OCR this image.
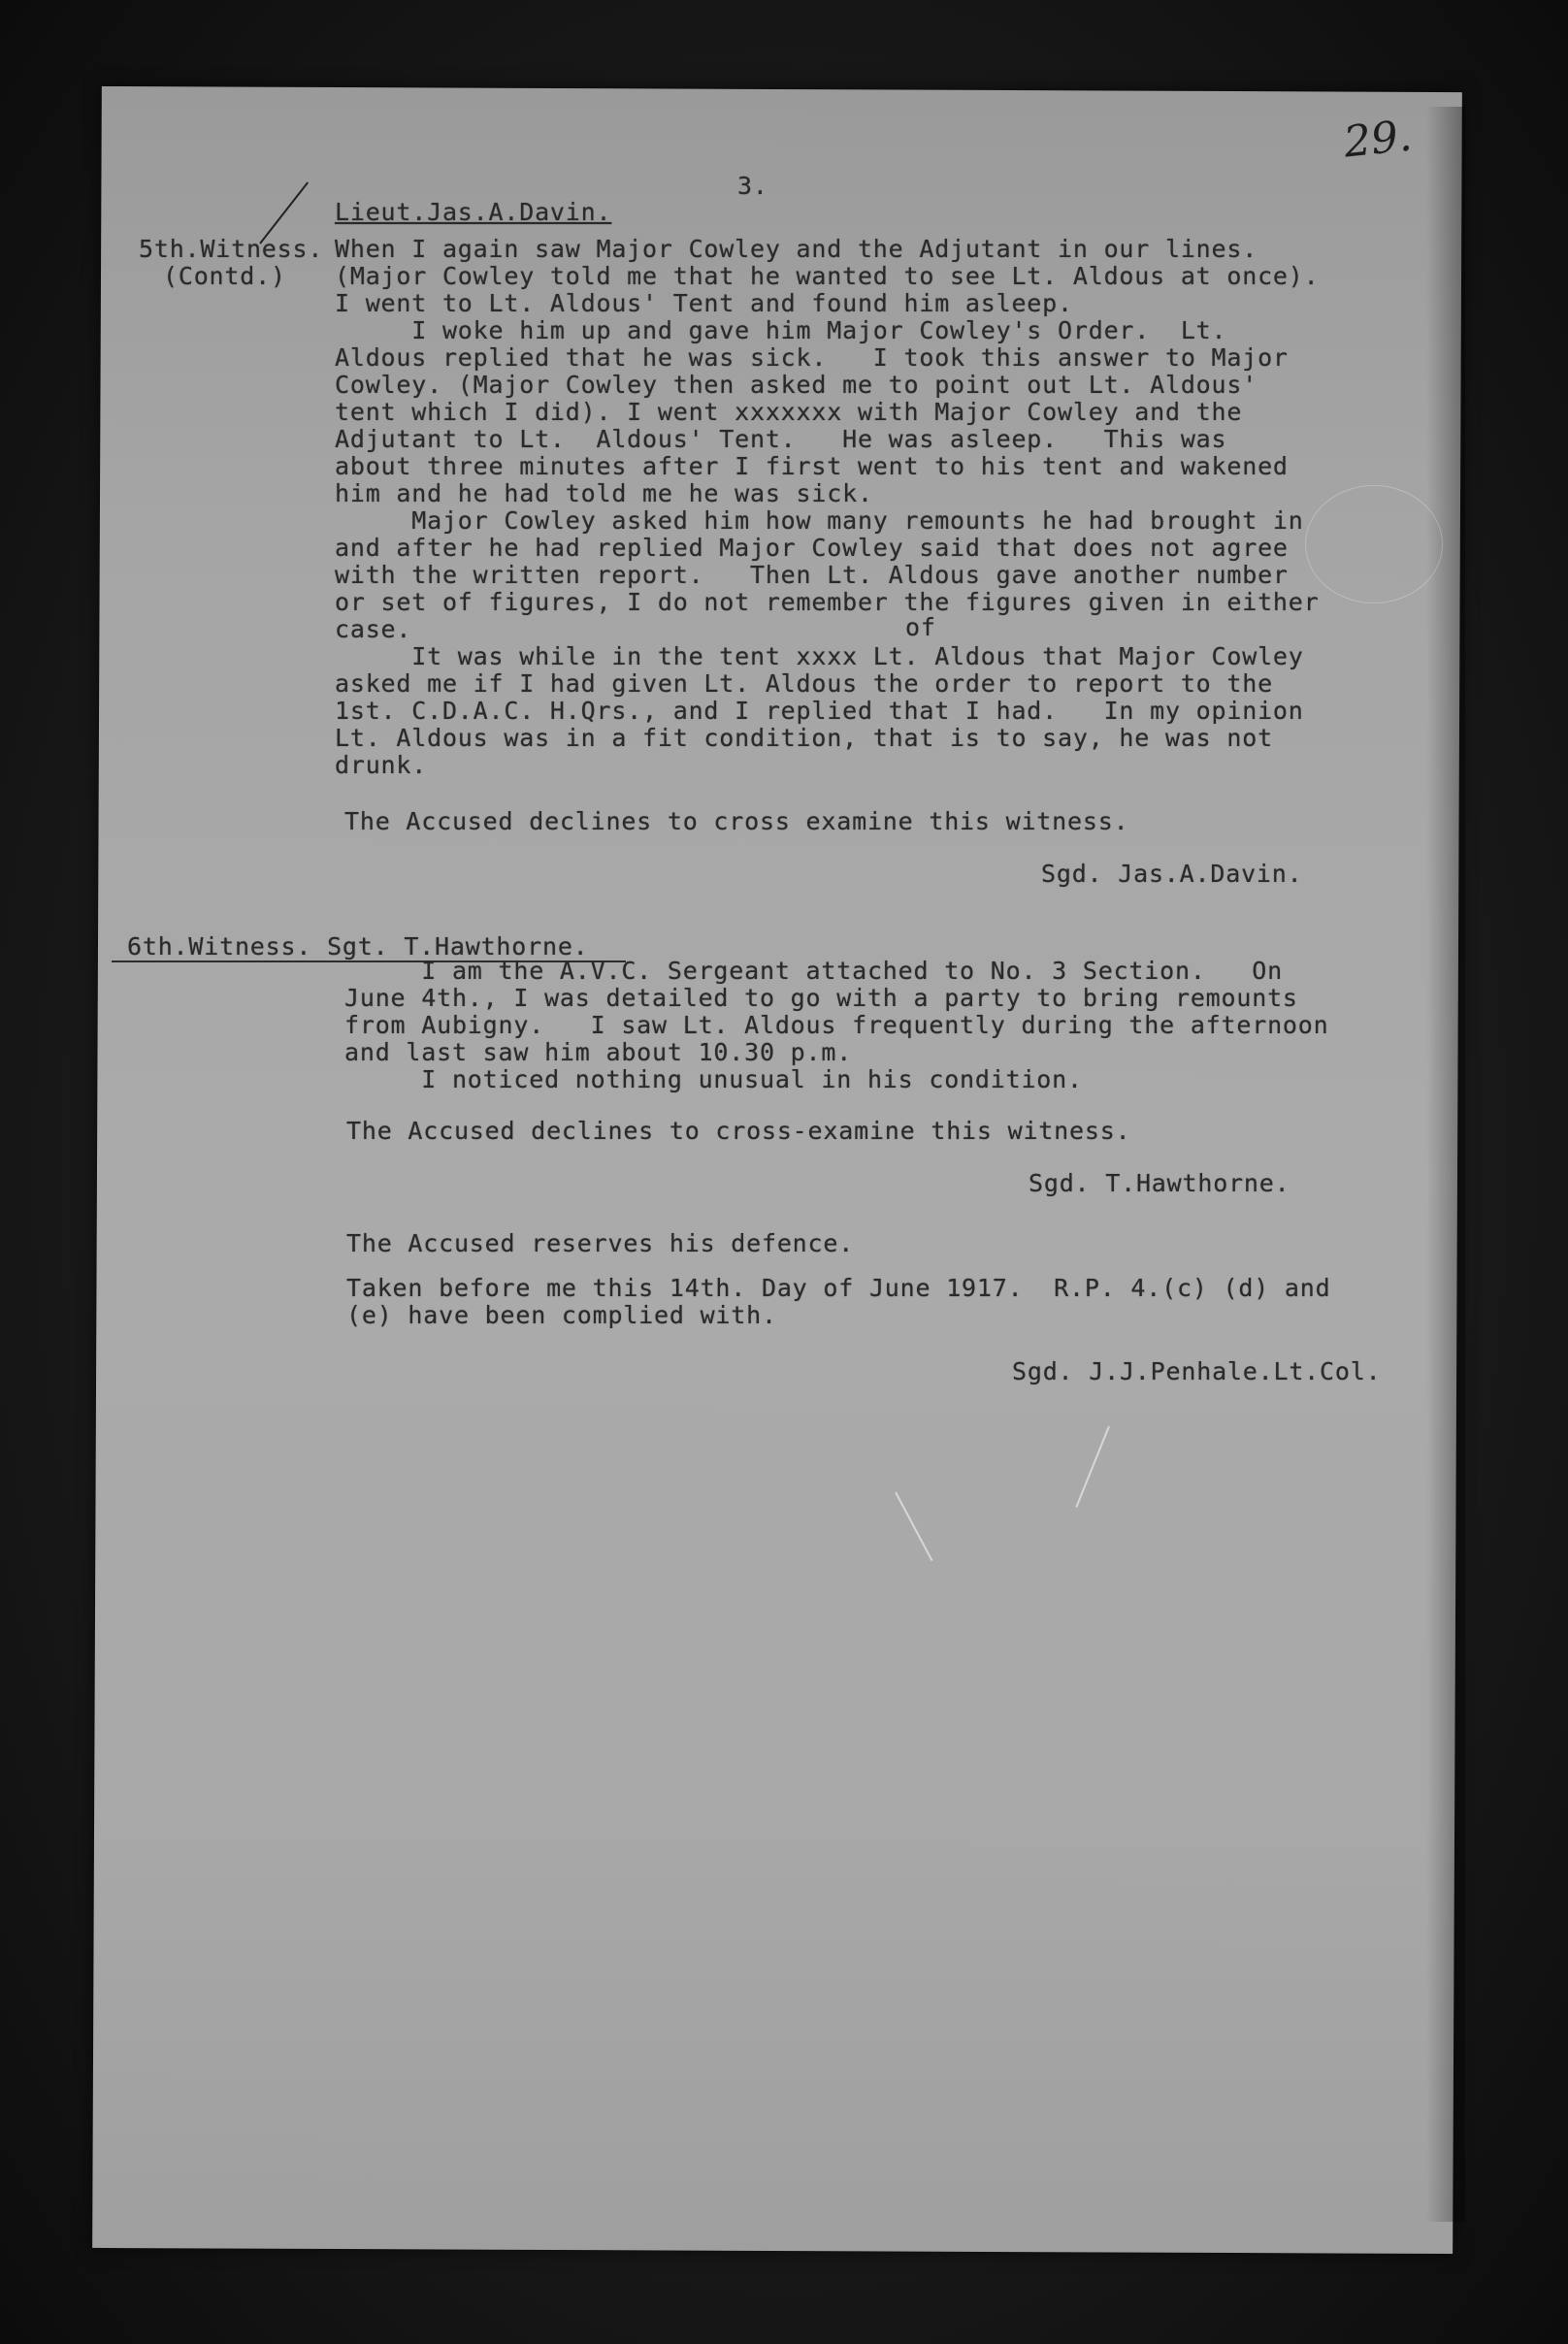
29.
3.
Lieut.Jas.A.Davin.
5th.Witness.
(Contd.)
When I again saw Major Cowley and the Adjutant in our lines.
(Major Cowley told me that he wanted to see Lt. Aldous at once).
I went to Lt. Aldous' Tent and found him asleep.
I woke him up and gave him Major Cowley's Order.  Lt.
Aldous replied that he was sick.   I took this answer to Major
Cowley. (Major Cowley then asked me to point out Lt. Aldous'
tent which I did). I went xxxxxxx with Major Cowley and the
Adjutant to Lt.  Aldous' Tent.   He was asleep.   This was
about three minutes after I first went to his tent and wakened
him and he had told me he was sick.
Major Cowley asked him how many remounts he had brought in
and after he had replied Major Cowley said that does not agree
with the written report.   Then Lt. Aldous gave another number
or set of figures, I do not remember the figures given in either
case.
It was while in the tent xxxx Lt. Aldous that Major Cowley
asked me if I had given Lt. Aldous the order to report to the
1st. C.D.A.C. H.Qrs., and I replied that I had.   In my opinion
Lt. Aldous was in a fit condition, that is to say, he was not
drunk.
of
The Accused declines to cross examine this witness.
Sgd. Jas.A.Davin.
6th.Witness. Sgt. T.Hawthorne.
I am the A.V.C. Sergeant attached to No. 3 Section.   On
June 4th., I was detailed to go with a party to bring remounts
from Aubigny.   I saw Lt. Aldous frequently during the afternoon
and last saw him about 10.30 p.m.
I noticed nothing unusual in his condition.
The Accused declines to cross-examine this witness.
Sgd. T.Hawthorne.
The Accused reserves his defence.
Taken before me this 14th. Day of June 1917.  R.P. 4.(c) (d) and
(e) have been complied with.
Sgd. J.J.Penhale.Lt.Col.
